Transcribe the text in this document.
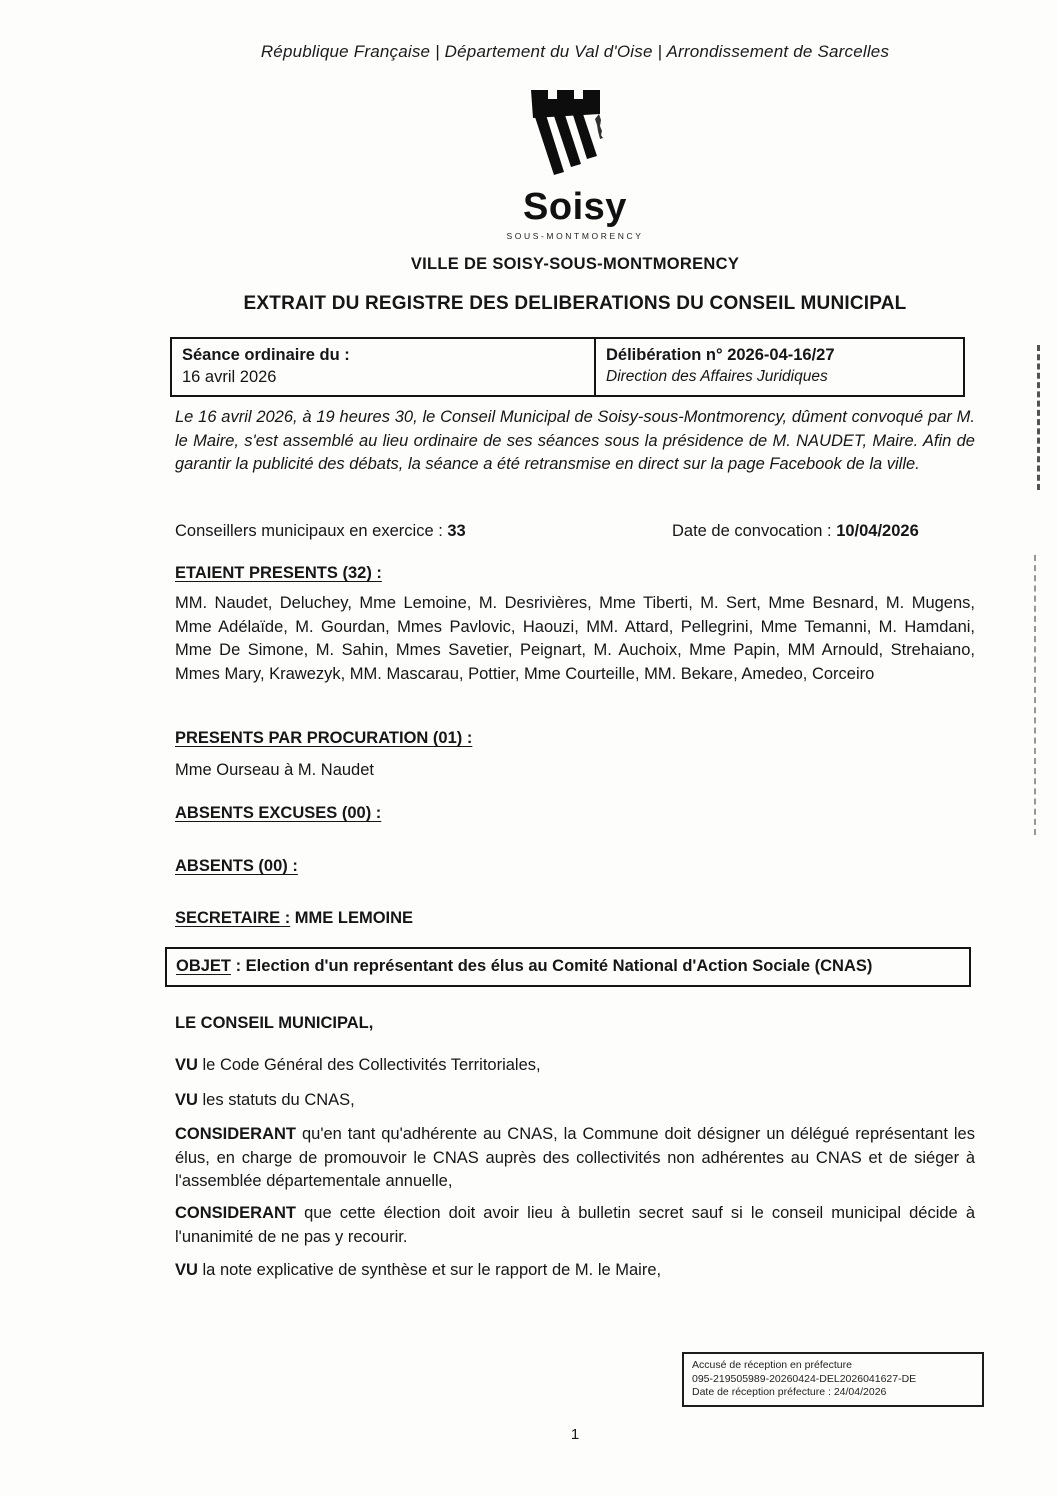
République Française | Département du Val d'Oise | Arrondissement de Sarcelles
Soisy
SOUS-MONTMORENCY
VILLE DE SOISY-SOUS-MONTMORENCY
EXTRAIT DU REGISTRE DES DELIBERATIONS DU CONSEIL MUNICIPAL
Séance ordinaire du :
16 avril 2026
Délibération n° 2026-04-16/27
Direction des Affaires Juridiques
Le 16 avril 2026, à 19 heures 30, le Conseil Municipal de Soisy-sous-Montmorency, dûment convoqué par M. le Maire, s'est assemblé au lieu ordinaire de ses séances sous la présidence de M. NAUDET, Maire. Afin de garantir la publicité des débats, la séance a été retransmise en direct sur la page Facebook de la ville.
Conseillers municipaux en exercice : 33	Date de convocation : 10/04/2026
ETAIENT PRESENTS (32) :
MM. Naudet, Deluchey, Mme Lemoine, M. Desrivières, Mme Tiberti, M. Sert, Mme Besnard, M. Mugens, Mme Adélaïde, M. Gourdan, Mmes Pavlovic, Haouzi, MM. Attard, Pellegrini, Mme Temanni, M. Hamdani, Mme De Simone, M. Sahin, Mmes Savetier, Peignart, M. Auchoix, Mme Papin, MM Arnould, Strehaiano, Mmes Mary, Krawezyk, MM. Mascarau, Pottier, Mme Courteille, MM. Bekare, Amedeo, Corceiro
PRESENTS PAR PROCURATION (01) :
Mme Ourseau à M. Naudet
ABSENTS EXCUSES (00) :
ABSENTS (00) :
SECRETAIRE : MME LEMOINE
OBJET : Election d'un représentant des élus au Comité National d'Action Sociale (CNAS)
LE CONSEIL MUNICIPAL,
VU le Code Général des Collectivités Territoriales,
VU les statuts du CNAS,
CONSIDERANT qu'en tant qu'adhérente au CNAS, la Commune doit désigner un délégué représentant les élus, en charge de promouvoir le CNAS auprès des collectivités non adhérentes au CNAS et de siéger à l'assemblée départementale annuelle,
CONSIDERANT que cette élection doit avoir lieu à bulletin secret sauf si le conseil municipal décide à l'unanimité de ne pas y recourir.
VU la note explicative de synthèse et sur le rapport de M. le Maire,
Accusé de réception en préfecture
095-219505989-20260424-DEL2026041627-DE
Date de réception préfecture : 24/04/2026
1
